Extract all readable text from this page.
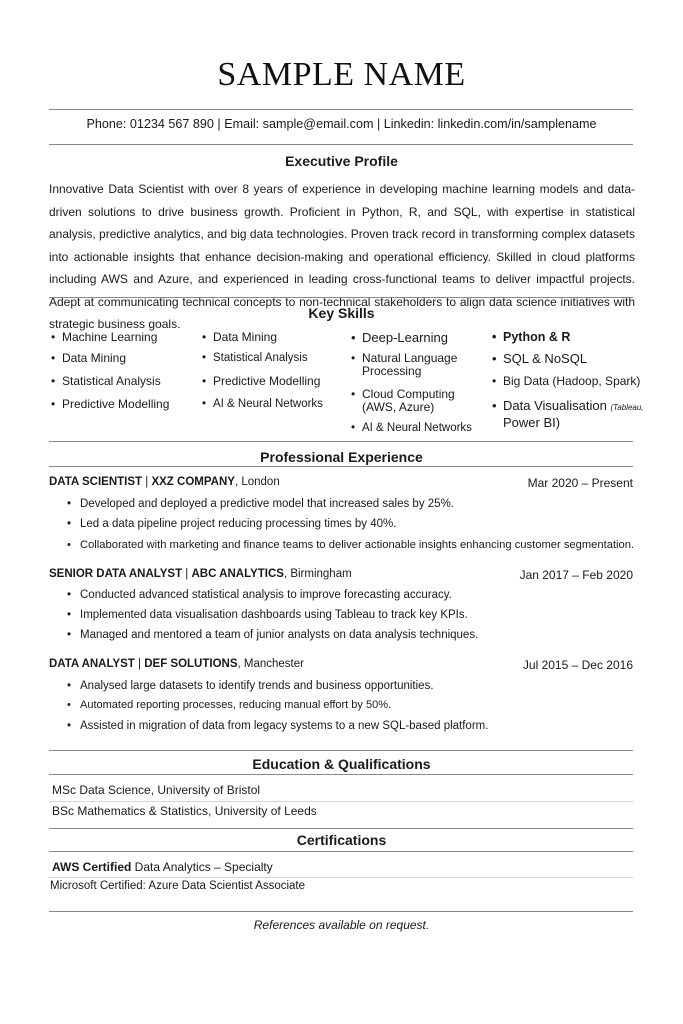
SAMPLE NAME
Phone: 01234 567 890 | Email: sample@email.com | Linkedin: linkedin.com/in/samplename
Executive Profile
Innovative Data Scientist with over 8 years of experience in developing machine learning models and data-driven solutions to drive business growth. Proficient in Python, R, and SQL, with expertise in statistical analysis, predictive analytics, and big data technologies. Proven track record in transforming complex datasets into actionable insights that enhance decision-making and operational efficiency. Skilled in cloud platforms including AWS and Azure, and experienced in leading cross-functional teams to deliver impactful projects. Adept at communicating technical concepts to non-technical stakeholders to align data science initiatives with strategic business goals.
Key Skills
• Machine Learning
• Data Mining
• Statistical Analysis
• Predictive Modelling
• Data Mining
• Statistical Analysis
• Predictive Modelling
• AI & Neural Networks
• Deep-Learning
• Natural Language
Processing
• Cloud Computing
(AWS, Azure)
• AI & Neural Networks
• Python & R
• SQL & NoSQL
• Big Data (Hadoop, Spark)
• Data Visualisation (Tableau,
Power BI)
Professional Experience
DATA SCIENTIST | XXZ COMPANY, London	Mar 2020 – Present
• Developed and deployed a predictive model that increased sales by 25%.
• Led a data pipeline project reducing processing times by 40%.
• Collaborated with marketing and finance teams to deliver actionable insights enhancing customer segmentation.
SENIOR DATA ANALYST | ABC ANALYTICS, Birmingham	Jan 2017 – Feb 2020
• Conducted advanced statistical analysis to improve forecasting accuracy.
• Implemented data visualisation dashboards using Tableau to track key KPIs.
• Managed and mentored a team of junior analysts on data analysis techniques.
DATA ANALYST | DEF SOLUTIONS, Manchester	Jul 2015 – Dec 2016
• Analysed large datasets to identify trends and business opportunities.
• Automated reporting processes, reducing manual effort by 50%.
• Assisted in migration of data from legacy systems to a new SQL-based platform.
Education & Qualifications
MSc Data Science, University of Bristol
BSc Mathematics & Statistics, University of Leeds
Certifications
AWS Certified Data Analytics – Specialty
Microsoft Certified: Azure Data Scientist Associate
References available on request.
